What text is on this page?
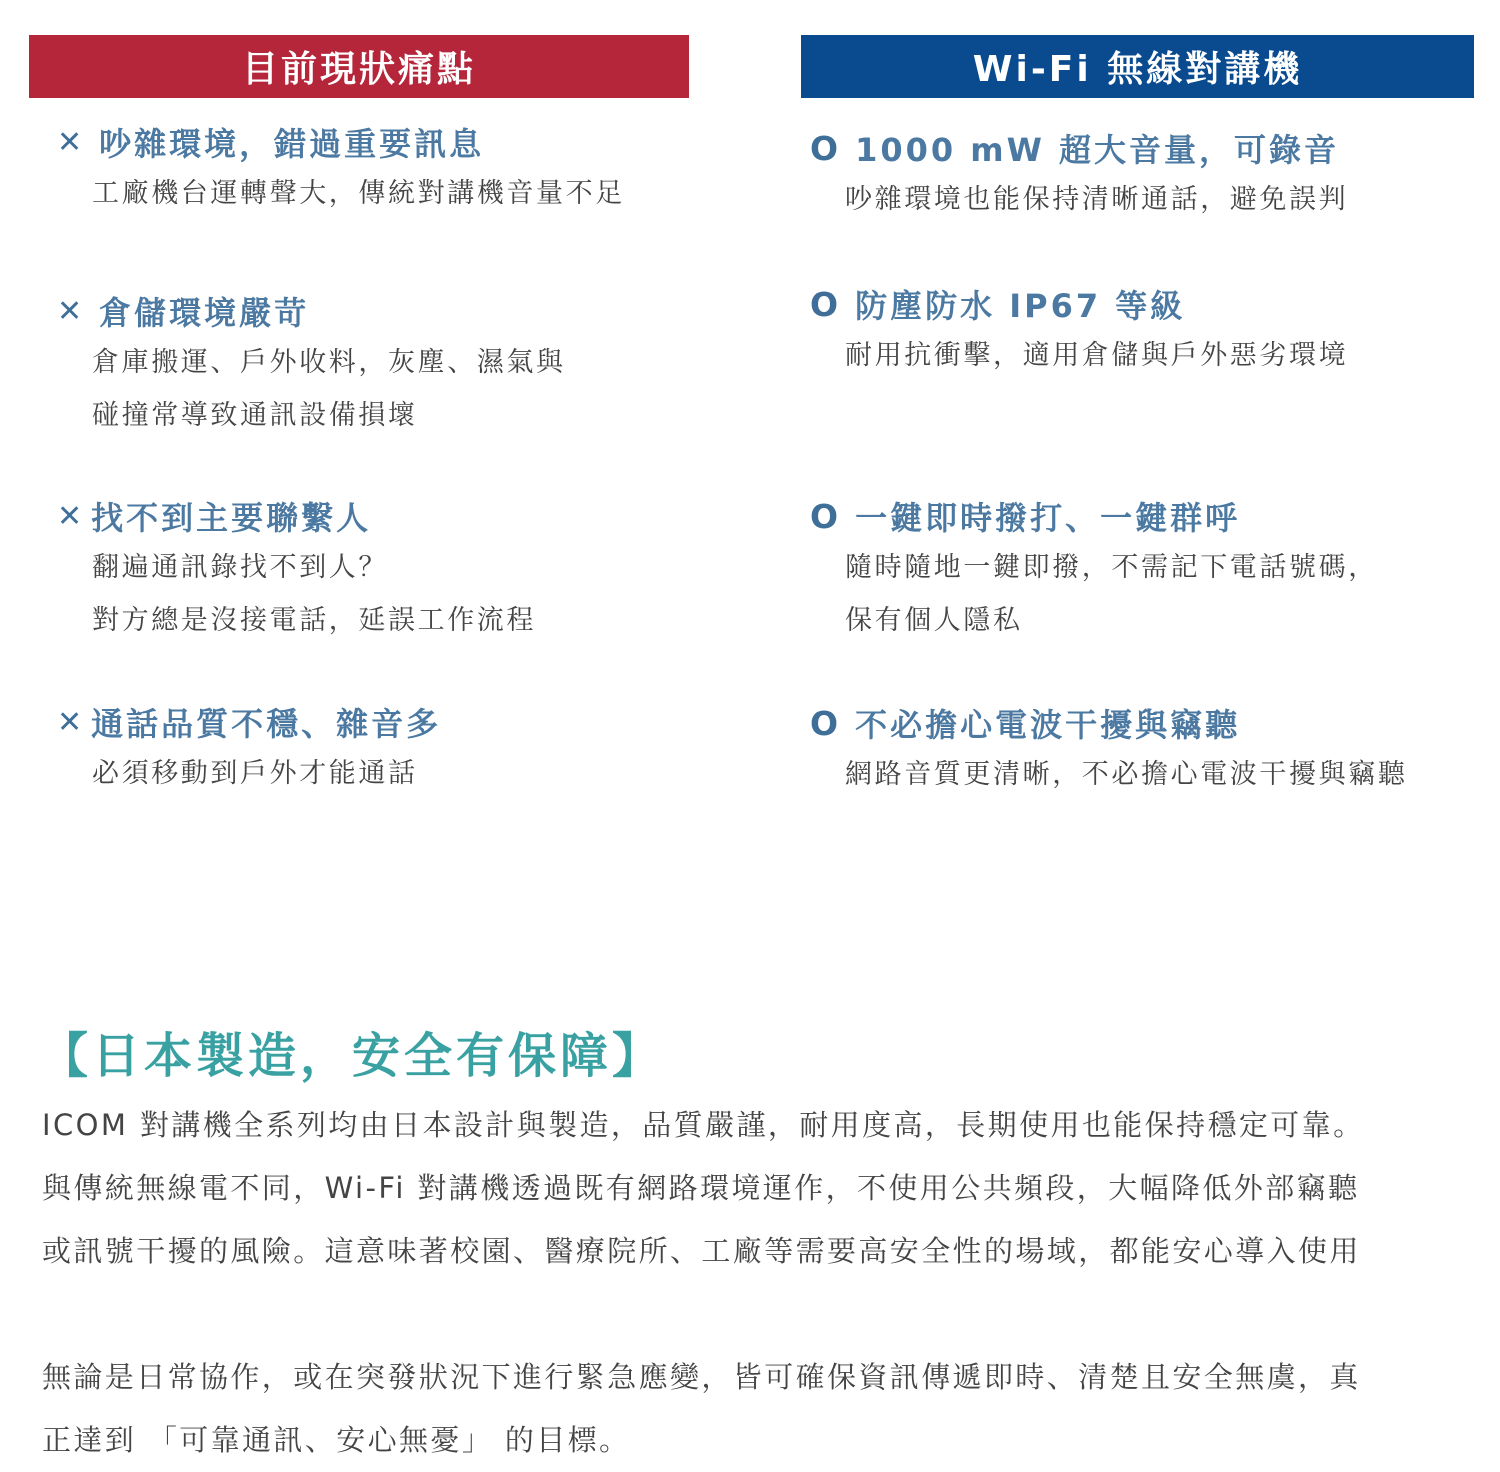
目前現狀痛點	Wi-Fi 無線對講機
✕ 吵雜環境，錯過重要訊息
工廠機台運轉聲大，傳統對講機音量不足
✕ 倉儲環境嚴苛
倉庫搬運、戶外收料，灰塵、濕氣與
碰撞常導致通訊設備損壞
✕ 找不到主要聯繫人
翻遍通訊錄找不到人？
對方總是沒接電話，延誤工作流程
✕ 通話品質不穩、雜音多
必須移動到戶外才能通話
O 1000 mW 超大音量，可錄音
吵雜環境也能保持清晰通話，避免誤判
O 防塵防水 IP67 等級
耐用抗衝擊，適用倉儲與戶外惡劣環境
O 一鍵即時撥打、一鍵群呼
隨時隨地一鍵即撥，不需記下電話號碼，
保有個人隱私
O 不必擔心電波干擾與竊聽
網路音質更清晰，不必擔心電波干擾與竊聽
【日本製造，安全有保障】
ICOM 對講機全系列均由日本設計與製造，品質嚴謹，耐用度高，長期使用也能保持穩定可靠。
與傳統無線電不同，Wi-Fi 對講機透過既有網路環境運作，不使用公共頻段，大幅降低外部竊聽
或訊號干擾的風險。這意味著校園、醫療院所、工廠等需要高安全性的場域，都能安心導入使用
無論是日常協作，或在突發狀況下進行緊急應變，皆可確保資訊傳遞即時、清楚且安全無虞，真
正達到 「可靠通訊、安心無憂」 的目標。
